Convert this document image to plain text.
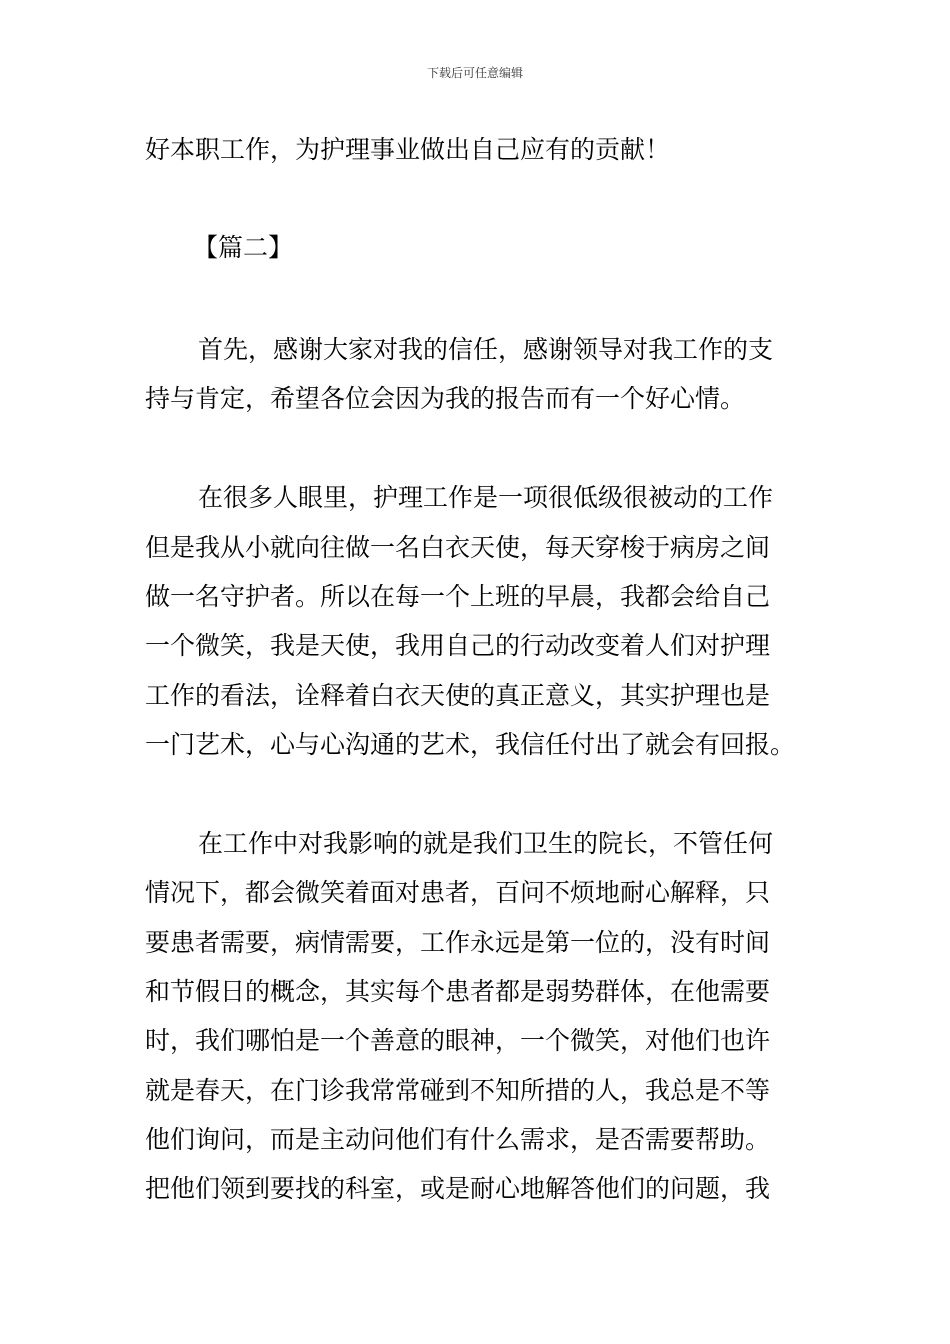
下载后可任意编辑
好本职工作，为护理事业做出自己应有的贡献！
【篇二】
首先，感谢大家对我的信任，感谢领导对我工作的支
持与肯定，希望各位会因为我的报告而有一个好心情。
在很多人眼里，护理工作是一项很低级很被动的工作
但是我从小就向往做一名白衣天使，每天穿梭于病房之间
做一名守护者。所以在每一个上班的早晨，我都会给自己
一个微笑，我是天使，我用自己的行动改变着人们对护理
工作的看法，诠释着白衣天使的真正意义，其实护理也是
一门艺术，心与心沟通的艺术，我信任付出了就会有回报。
在工作中对我影响的就是我们卫生的院长，不管任何
情况下，都会微笑着面对患者，百问不烦地耐心解释，只
要患者需要，病情需要，工作永远是第一位的，没有时间
和节假日的概念，其实每个患者都是弱势群体，在他需要
时，我们哪怕是一个善意的眼神，一个微笑，对他们也许
就是春天，在门诊我常常碰到不知所措的人，我总是不等
他们询问，而是主动问他们有什么需求，是否需要帮助。
把他们领到要找的科室，或是耐心地解答他们的问题，我
